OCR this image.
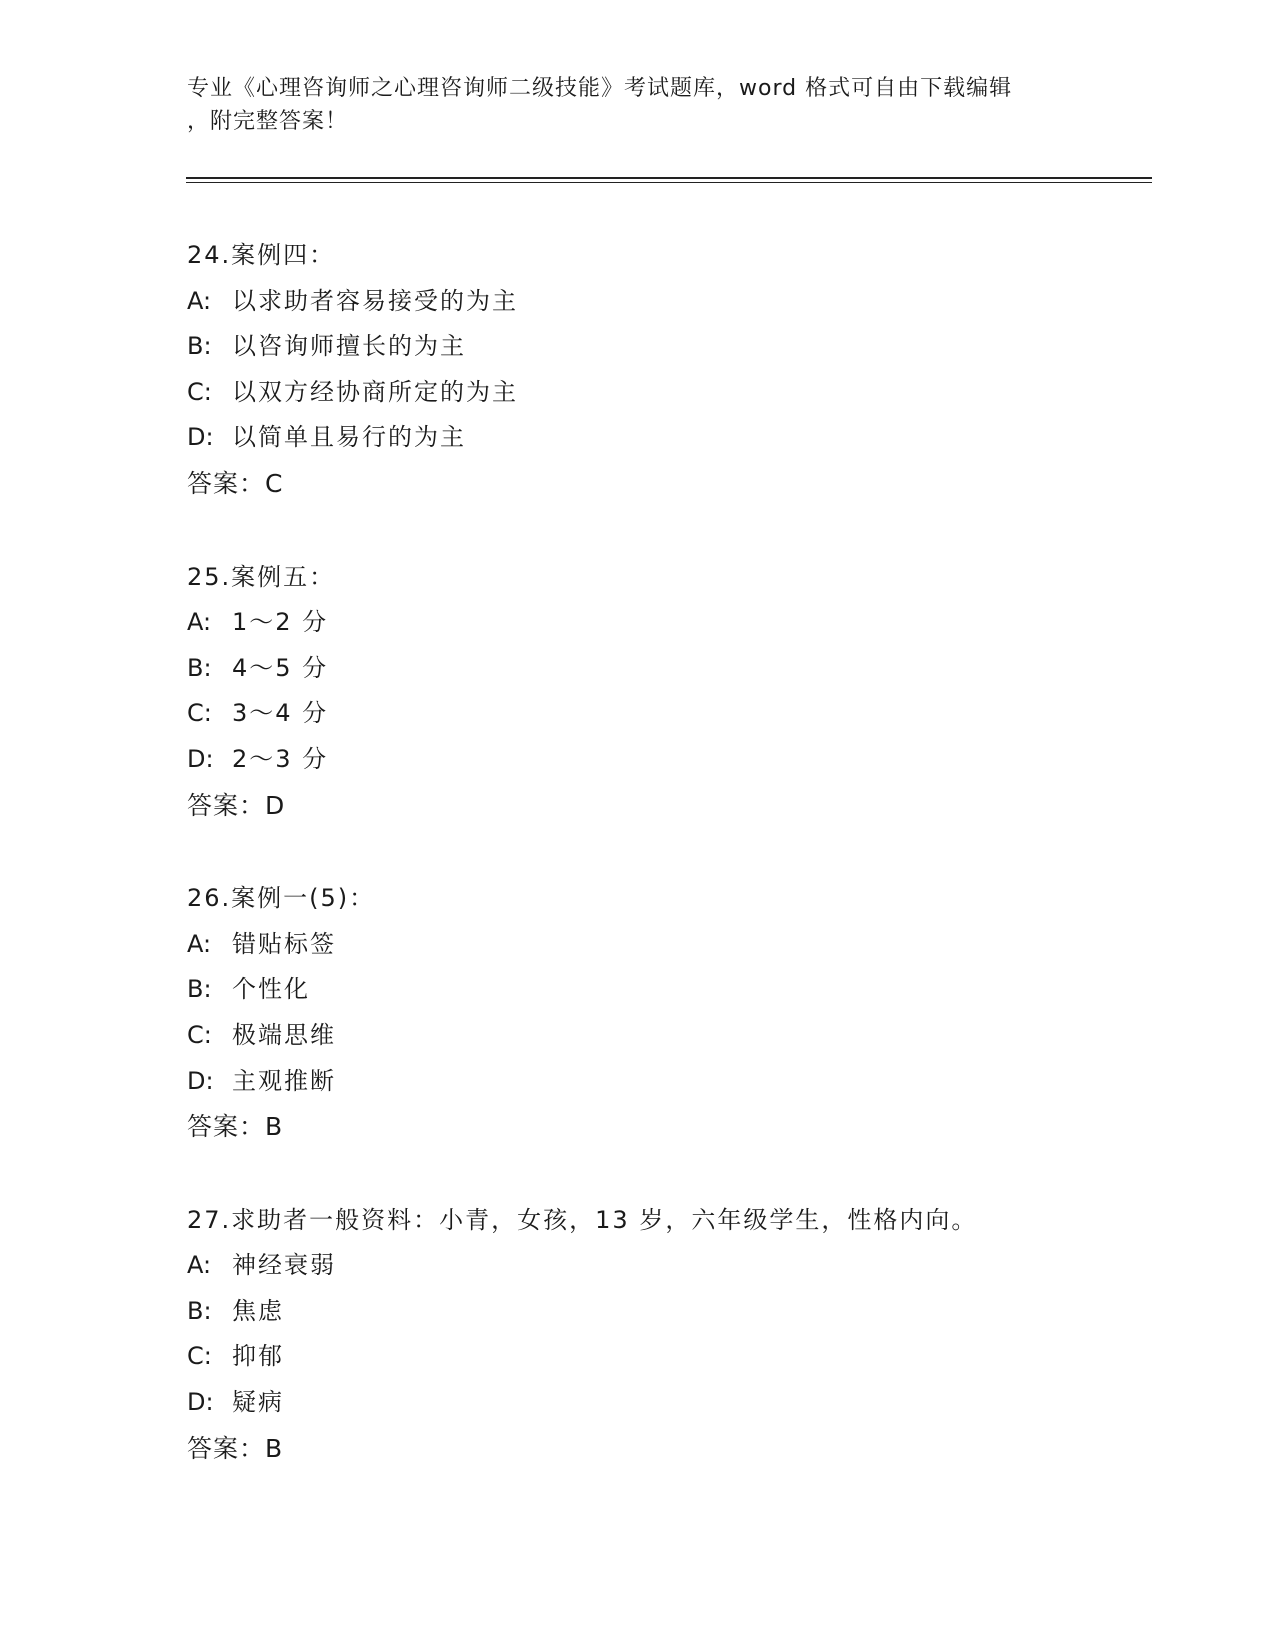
专业《心理咨询师之心理咨询师二级技能》考试题库，word 格式可自由下载编辑
，附完整答案！
24.案例四：
A: 以求助者容易接受的为主
B: 以咨询师擅长的为主
C: 以双方经协商所定的为主
D: 以简单且易行的为主
答案：C
25.案例五：
A: 1～2 分
B: 4～5 分
C: 3～4 分
D: 2～3 分
答案：D
26.案例一(5)：
A: 错贴标签
B: 个性化
C: 极端思维
D: 主观推断
答案：B
27.求助者一般资料：小青，女孩，13 岁，六年级学生，性格内向。
A: 神经衰弱
B: 焦虑
C: 抑郁
D: 疑病
答案：B
